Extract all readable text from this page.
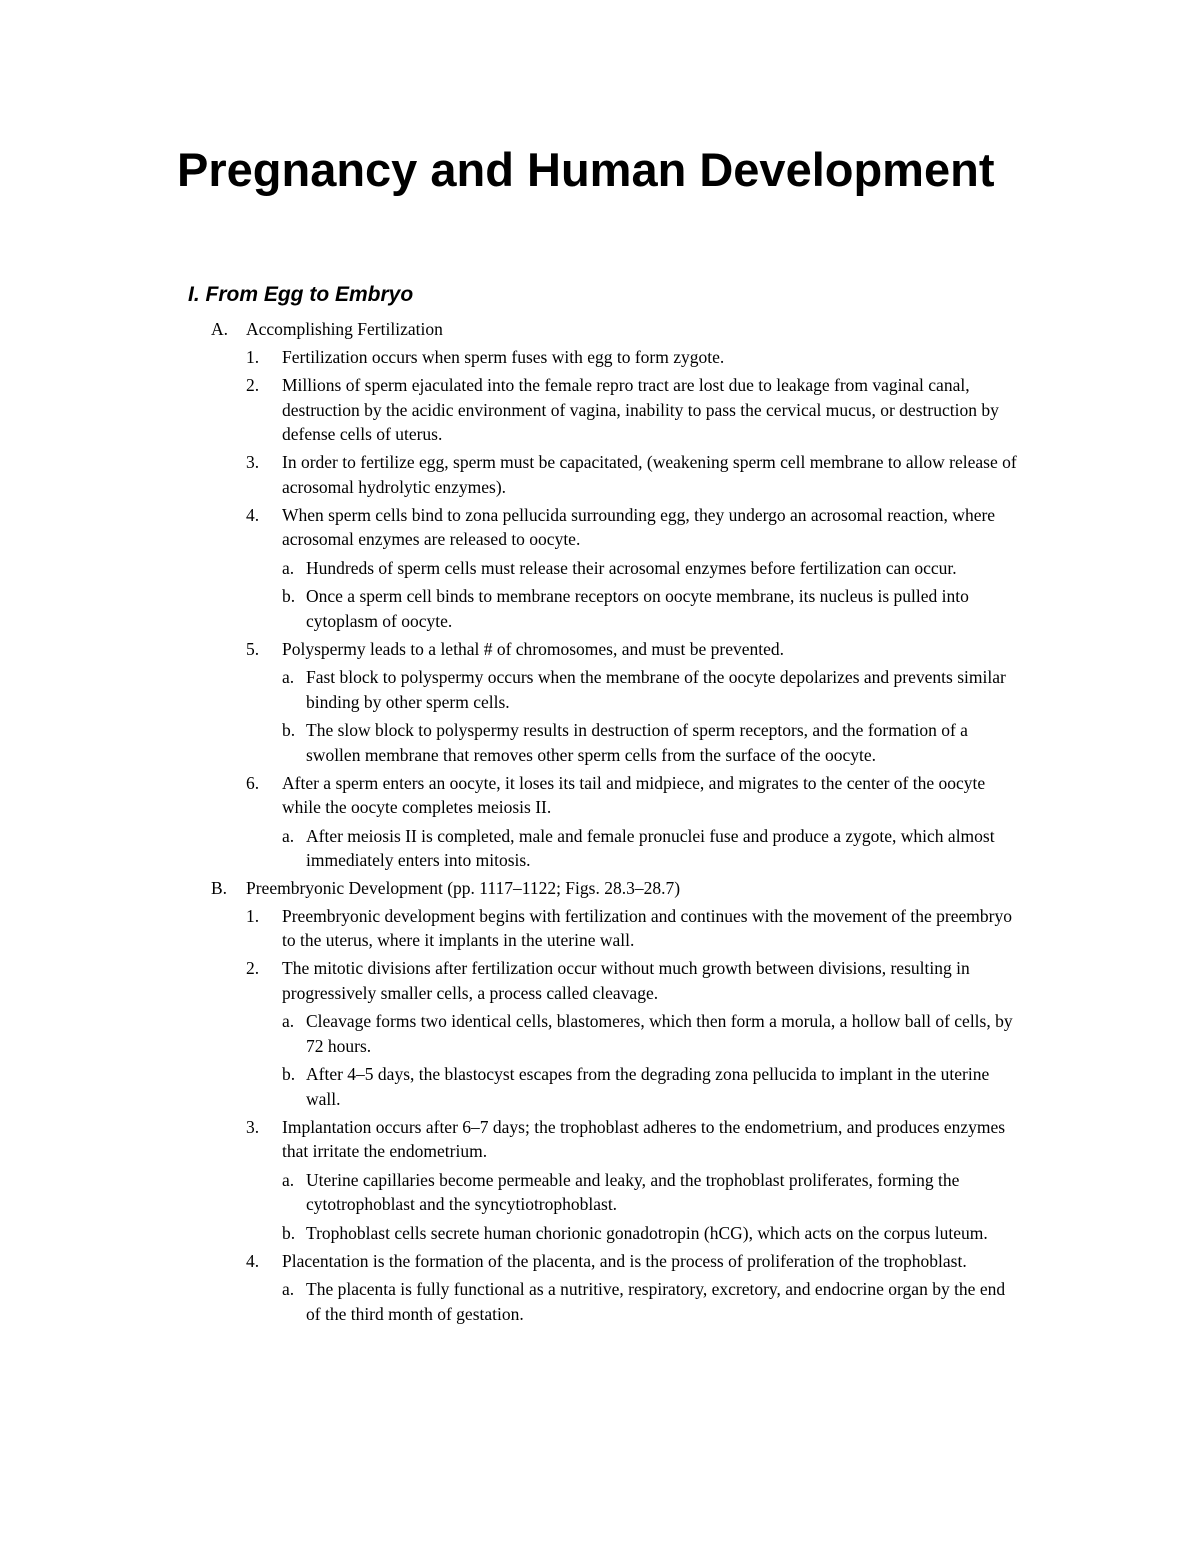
Pregnancy and Human Development
I. From Egg to Embryo
A. Accomplishing Fertilization
1. Fertilization occurs when sperm fuses with egg to form zygote.
2. Millions of sperm ejaculated into the female repro tract are lost due to leakage from vaginal canal, destruction by the acidic environment of vagina, inability to pass the cervical mucus, or destruction by defense cells of uterus.
3. In order to fertilize egg, sperm must be capacitated, (weakening sperm cell membrane to allow release of acrosomal hydrolytic enzymes).
4. When sperm cells bind to zona pellucida surrounding egg, they undergo an acrosomal reaction, where acrosomal enzymes are released to oocyte.
a. Hundreds of sperm cells must release their acrosomal enzymes before fertilization can occur.
b. Once a sperm cell binds to membrane receptors on oocyte membrane, its nucleus is pulled into cytoplasm of oocyte.
5. Polyspermy leads to a lethal # of chromosomes, and must be prevented.
a. Fast block to polyspermy occurs when the membrane of the oocyte depolarizes and prevents similar binding by other sperm cells.
b. The slow block to polyspermy results in destruction of sperm receptors, and the formation of a swollen membrane that removes other sperm cells from the surface of the oocyte.
6. After a sperm enters an oocyte, it loses its tail and midpiece, and migrates to the center of the oocyte while the oocyte completes meiosis II.
a. After meiosis II is completed, male and female pronuclei fuse and produce a zygote, which almost immediately enters into mitosis.
B. Preembryonic Development (pp. 1117–1122; Figs. 28.3–28.7)
1. Preembryonic development begins with fertilization and continues with the movement of the preembryo to the uterus, where it implants in the uterine wall.
2. The mitotic divisions after fertilization occur without much growth between divisions, resulting in progressively smaller cells, a process called cleavage.
a. Cleavage forms two identical cells, blastomeres, which then form a morula, a hollow ball of cells, by 72 hours.
b. After 4–5 days, the blastocyst escapes from the degrading zona pellucida to implant in the uterine wall.
3. Implantation occurs after 6–7 days; the trophoblast adheres to the endometrium, and produces enzymes that irritate the endometrium.
a. Uterine capillaries become permeable and leaky, and the trophoblast proliferates, forming the cytotrophoblast and the syncytiotrophoblast.
b. Trophoblast cells secrete human chorionic gonadotropin (hCG), which acts on the corpus luteum.
4. Placentation is the formation of the placenta, and is the process of proliferation of the trophoblast.
a. The placenta is fully functional as a nutritive, respiratory, excretory, and endocrine organ by the end of the third month of gestation.
